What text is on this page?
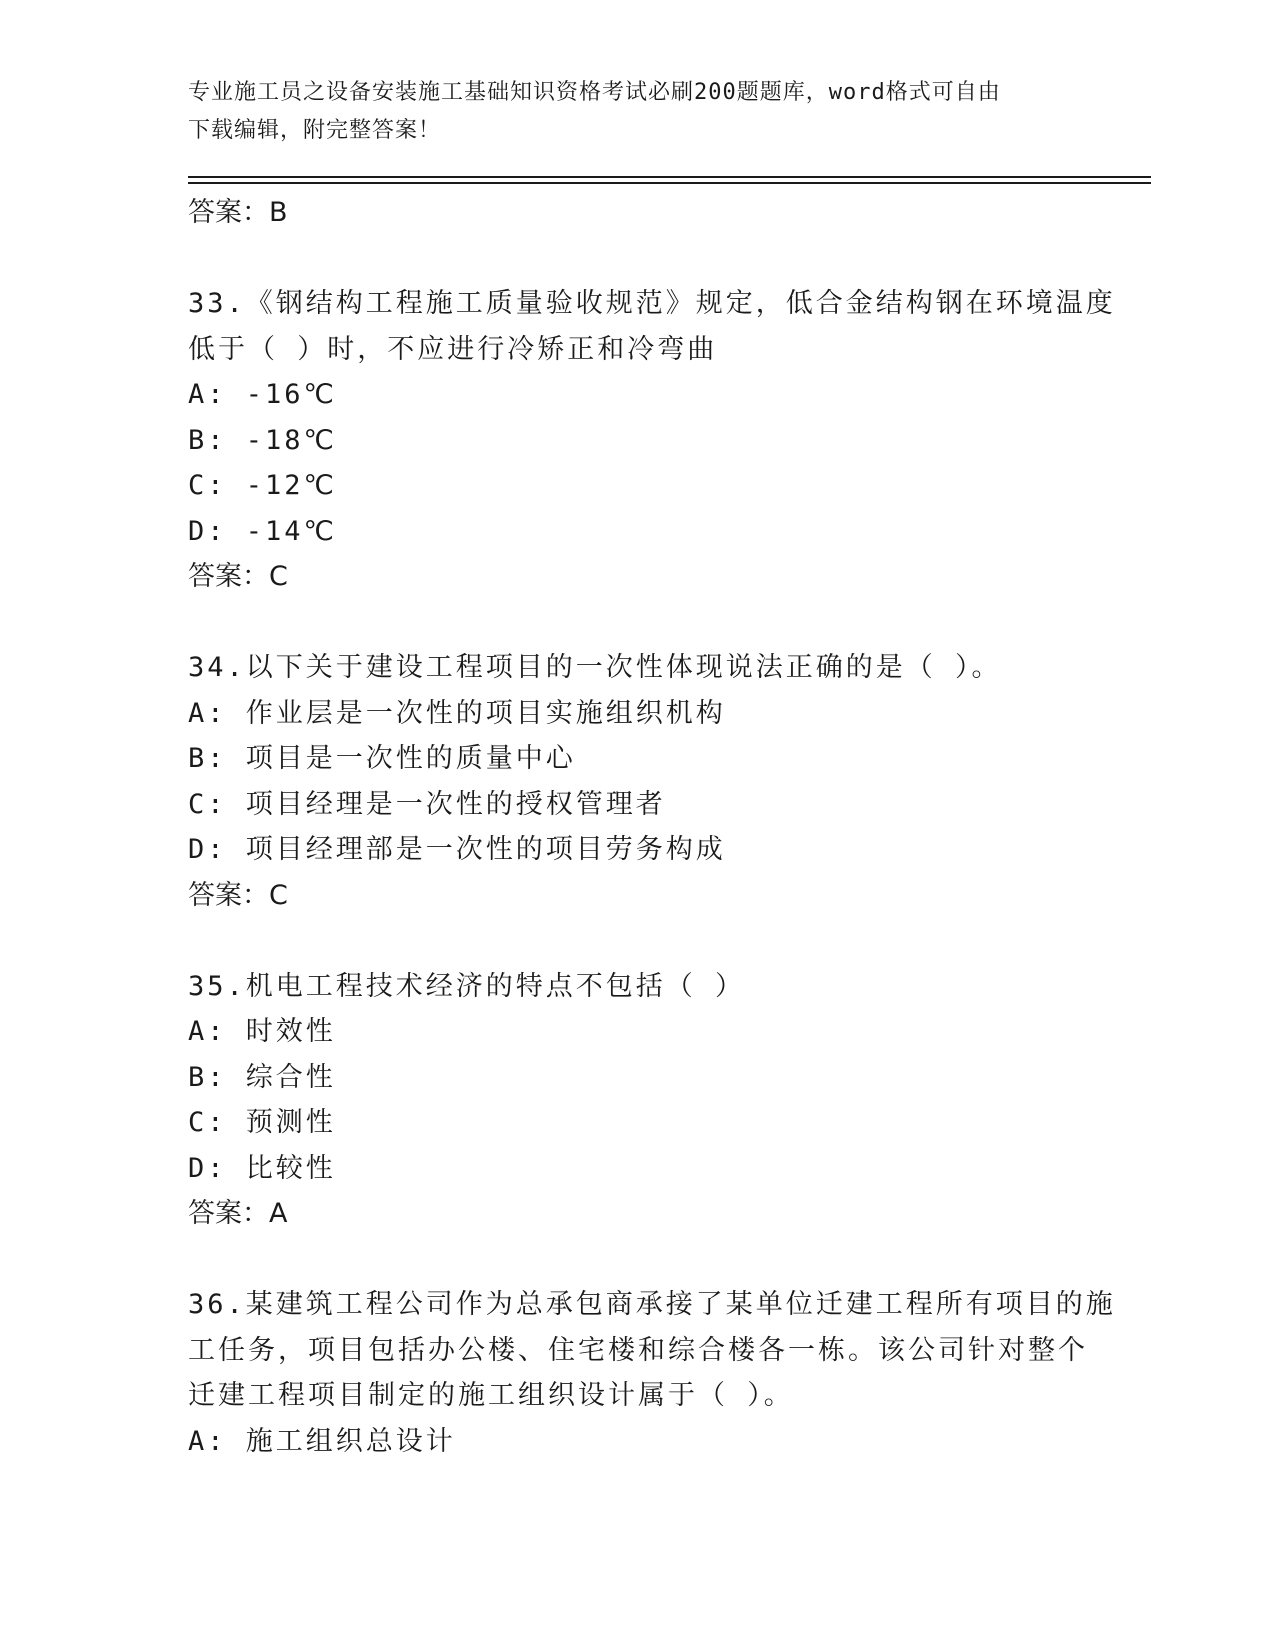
专业施工员之设备安装施工基础知识资格考试必刷200题题库，word格式可自由
下载编辑，附完整答案！
答案：B
33.《钢结构工程施工质量验收规范》规定，低合金结构钢在环境温度
低于（ ）时，不应进行冷矫正和冷弯曲
A: -16℃
B: -18℃
C: -12℃
D: -14℃
答案：C
34.以下关于建设工程项目的一次性体现说法正确的是（ ）。
A: 作业层是一次性的项目实施组织机构
B: 项目是一次性的质量中心
C: 项目经理是一次性的授权管理者
D: 项目经理部是一次性的项目劳务构成
答案：C
35.机电工程技术经济的特点不包括（ ）
A: 时效性
B: 综合性
C: 预测性
D: 比较性
答案：A
36.某建筑工程公司作为总承包商承接了某单位迁建工程所有项目的施
工任务，项目包括办公楼、住宅楼和综合楼各一栋。该公司针对整个
迁建工程项目制定的施工组织设计属于（ ）。
A: 施工组织总设计
